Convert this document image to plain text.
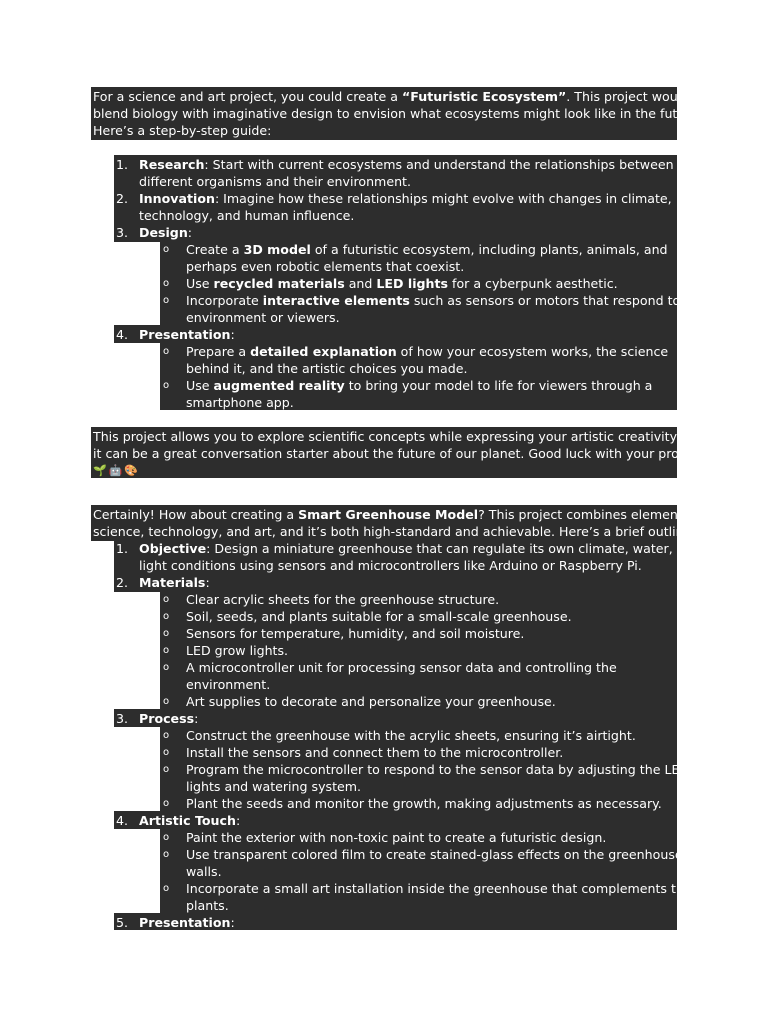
For a science and art project, you could create a “Futuristic Ecosystem”. This project would
blend biology with imaginative design to envision what ecosystems might look like in the future.
Here’s a step-by-step guide:
1. Research: Start with current ecosystems and understand the relationships between
different organisms and their environment.
2. Innovation: Imagine how these relationships might evolve with changes in climate,
technology, and human influence.
3. Design:
o Create a 3D model of a futuristic ecosystem, including plants, animals, and
perhaps even robotic elements that coexist.
o Use recycled materials and LED lights for a cyberpunk aesthetic.
o Incorporate interactive elements such as sensors or motors that respond to the
environment or viewers.
4. Presentation:
o Prepare a detailed explanation of how your ecosystem works, the science
behind it, and the artistic choices you made.
o Use augmented reality to bring your model to life for viewers through a
smartphone app.
This project allows you to explore scientific concepts while expressing your artistic creativity, and
it can be a great conversation starter about the future of our planet. Good luck with your project!
🌱🤖🎨
Certainly! How about creating a Smart Greenhouse Model? This project combines elements of
science, technology, and art, and it’s both high-standard and achievable. Here’s a brief outline:
1. Objective: Design a miniature greenhouse that can regulate its own climate, water, and
light conditions using sensors and microcontrollers like Arduino or Raspberry Pi.
2. Materials:
o Clear acrylic sheets for the greenhouse structure.
o Soil, seeds, and plants suitable for a small-scale greenhouse.
o Sensors for temperature, humidity, and soil moisture.
o LED grow lights.
o A microcontroller unit for processing sensor data and controlling the
environment.
o Art supplies to decorate and personalize your greenhouse.
3. Process:
o Construct the greenhouse with the acrylic sheets, ensuring it’s airtight.
o Install the sensors and connect them to the microcontroller.
o Program the microcontroller to respond to the sensor data by adjusting the LED
lights and watering system.
o Plant the seeds and monitor the growth, making adjustments as necessary.
4. Artistic Touch:
o Paint the exterior with non-toxic paint to create a futuristic design.
o Use transparent colored film to create stained-glass effects on the greenhouse
walls.
o Incorporate a small art installation inside the greenhouse that complements the
plants.
5. Presentation:
